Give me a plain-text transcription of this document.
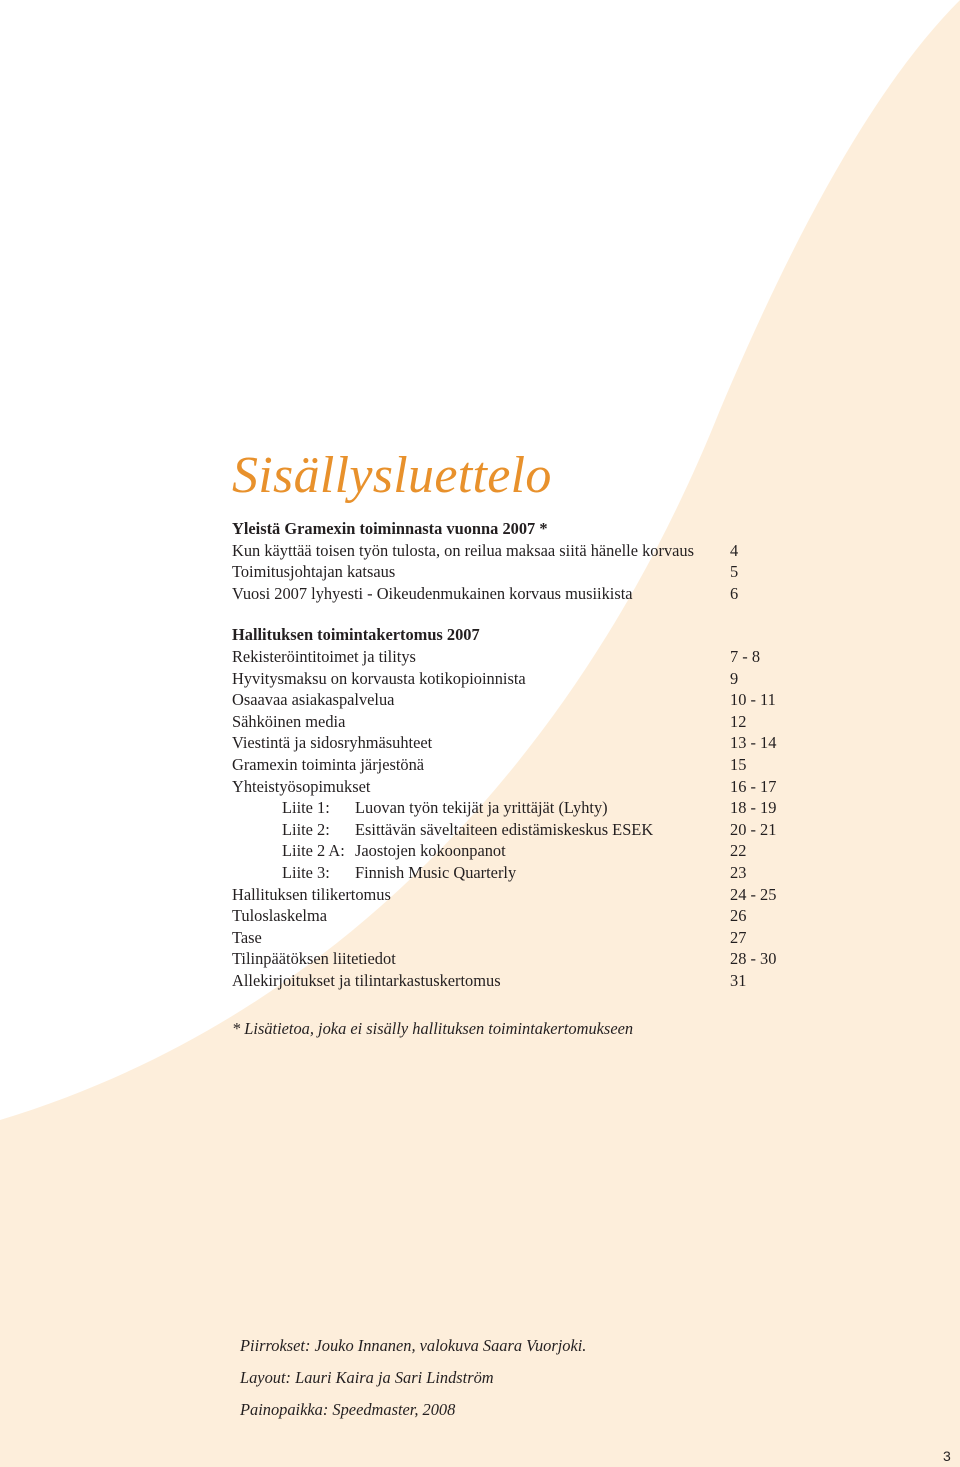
Sisällysluettelo
Yleistä Gramexin toiminnasta vuonna 2007 *
Kun käyttää toisen työn tulosta, on reilua maksaa siitä hänelle korvaus 4
Toimitusjohtajan katsaus	5
Vuosi 2007 lyhyesti - Oikeudenmukainen korvaus musiikista	6
Hallituksen toimintakertomus 2007
Rekisteröintitoimet ja tilitys	7 - 8
Hyvitysmaksu on korvausta kotikopioinnista	9
Osaavaa asiakaspalvelua	10 - 11
Sähköinen media	12
Viestintä ja sidosryhmäsuhteet	13 - 14
Gramexin toiminta järjestönä	15
Yhteistyösopimukset	16 - 17
Liite 1: Luovan työn tekijät ja yrittäjät (Lyhty)	18 - 19
Liite 2: Esittävän säveltaiteen edistämiskeskus ESEK	20 - 21
Liite 2 A: Jaostojen kokoonpanot	22
Liite 3: Finnish Music Quarterly	23
Hallituksen tilikertomus	24 - 25
Tuloslaskelma	26
Tase	27
Tilinpäätöksen liitetiedot	28 - 30
Allekirjoitukset ja tilintarkastuskertomus	31
* Lisätietoa, joka ei sisälly hallituksen toimintakertomukseen
Piirrokset: Jouko Innanen, valokuva Saara Vuorjoki.
Layout: Lauri Kaira ja Sari Lindström
Painopaikka: Speedmaster, 2008
3
